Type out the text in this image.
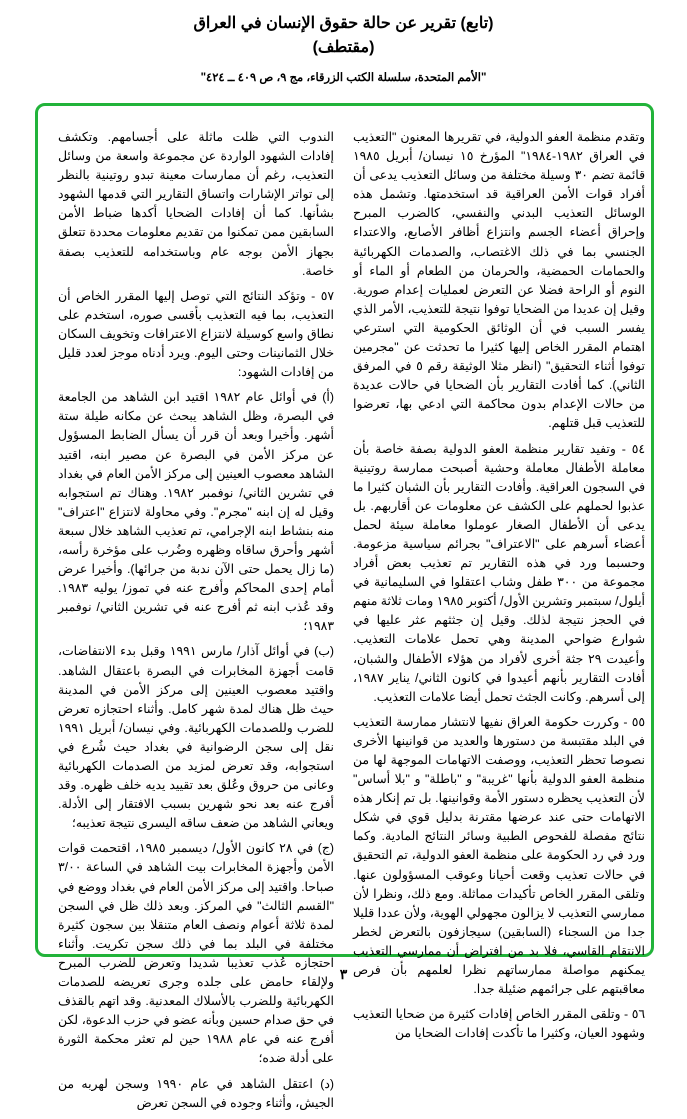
(تابع) تقرير عن حالة حقوق الإنسان في العراق
(مقتطف)
"الأمم المتحدة، سلسلة الكتب الزرقاء، مج ٩، ص ٤٠٩ ــ ٤٢٤"

وتقدم منظمة العفو الدولية، في تقريرها المعنون "التعذيب في العراق ١٩٨٢-١٩٨٤" المؤرخ ١٥ نيسان/ أبريل ١٩٨٥ قائمة تضم ٣٠ وسيلة مختلفة من وسائل التعذيب يدعى أن أفراد قوات الأمن العراقية قد استخدمتها. وتشمل هذه الوسائل التعذيب البدني والنفسي، كالضرب المبرح وإحراق أعضاء الجسم وانتزاع أظافر الأصابع، والاعتداء الجنسي بما في ذلك الاغتصاب، والصدمات الكهربائية والحمامات الحمضية، والحرمان من الطعام أو الماء أو النوم أو الراحة فضلا عن التعرض لعمليات إعدام صورية. وقيل إن عديدا من الضحايا توفوا نتيجة للتعذيب، الأمر الذي يفسر السبب في أن الوثائق الحكومية التي استرعي اهتمام المقرر الخاص إليها كثيرا ما تحدثت عن "مجرمين توفوا أثناء التحقيق" (انظر مثلا الوثيقة رقم ٥ في المرفق الثاني). كما أفادت التقارير بأن الضحايا في حالات عديدة من حالات الإعدام بدون محاكمة التي ادعي بها، تعرضوا للتعذيب قبل قتلهم.

٥٤ - وتفيد تقارير منظمة العفو الدولية بصفة خاصة بأن معاملة الأطفال معاملة وحشية أصبحت ممارسة روتينية في السجون العراقية. وأفادت التقارير بأن الشبان كثيرا ما عذبوا لحملهم على الكشف عن معلومات عن أقاربهم. بل يدعى أن الأطفال الصغار عوملوا معاملة سيئة لحمل أعضاء أسرهم على "الاعتراف" بجرائم سياسية مزعومة. وحسبما ورد في هذه التقارير تم تعذيب بعض أفراد مجموعة من ٣٠٠ طفل وشاب اعتقلوا في السليمانية في أيلول/ سبتمبر وتشرين الأول/ أكتوبر ١٩٨٥ ومات ثلاثة منهم في الحجز نتيجة لذلك. وقيل إن جثثهم عثر عليها في شوارع ضواحي المدينة وهي تحمل علامات التعذيب. وأعيدت ٢٩ جثة أخرى لأفراد من هؤلاء الأطفال والشبان، أفادت التقارير بأنهم أعيدوا في كانون الثاني/ يناير ١٩٨٧، إلى أسرهم. وكانت الجثث تحمل أيضا علامات التعذيب.

٥٥ - وكررت حكومة العراق نفيها لانتشار ممارسة التعذيب في البلد مقتبسة من دستورها والعديد من قوانينها الأخرى نصوصا تحظر التعذيب، ووصفت الاتهامات الموجهة لها من منظمة العفو الدولية بأنها "غريبة" و "باطلة" و "بلا أساس" لأن التعذيب يحظره دستور الأمة وقوانينها. بل تم إنكار هذه الاتهامات حتى عند عرضها مقترنة بدليل قوي في شكل نتائج مفصلة للفحوص الطبية وسائر النتائج المادية. وكما ورد في رد الحكومة على منظمة العفو الدولية، تم التحقيق في حالات تعذيب وقعت أحيانا وعوقب المسؤولون عنها. وتلقى المقرر الخاص تأكيدات مماثلة. ومع ذلك، ونظرا لأن ممارسي التعذيب لا يزالون مجهولي الهوية، ولأن عددا قليلا جدا من السجناء (السابقين) سيجازفون بالتعرض لخطر الانتقام القاسي، فلا بد من افتراض أن ممارسي التعذيب يمكنهم مواصلة ممارساتهم نظرا لعلمهم بأن فرص معاقبتهم على جرائمهم ضئيلة جدا.

٥٦ - وتلقى المقرر الخاص إفادات كثيرة من ضحايا التعذيب وشهود العيان، وكثيرا ما تأكدت إفادات الضحايا من

الندوب التي ظلت ماثلة على أجسامهم. وتكشف إفادات الشهود الواردة عن مجموعة واسعة من وسائل التعذيب، رغم أن ممارسات معينة تبدو روتينية بالنظر إلى تواتر الإشارات واتساق التقارير التي قدمها الشهود بشأنها. كما أن إفادات الضحايا أكدها ضباط الأمن السابقين ممن تمكنوا من تقديم معلومات محددة تتعلق بجهاز الأمن بوجه عام وباستخدامه للتعذيب بصفة خاصة.

٥٧ - وتؤكد النتائج التي توصل إليها المقرر الخاص أن التعذيب، بما فيه التعذيب بأقسى صوره، استخدم على نطاق واسع كوسيلة لانتزاع الاعترافات وتخويف السكان خلال الثمانينات وحتى اليوم. ويرد أدناه موجز لعدد قليل من إفادات الشهود:

(أ) في أوائل عام ١٩٨٢ اقتيد ابن الشاهد من الجامعة في البصرة، وظل الشاهد يبحث عن مكانه طيلة ستة أشهر. وأخيرا وبعد أن قرر أن يسأل الضابط المسؤول عن مركز الأمن في البصرة عن مصير ابنه، اقتيد الشاهد معصوب العينين إلى مركز الأمن العام في بغداد في تشرين الثاني/ نوفمبر ١٩٨٢. وهناك تم استجوابه وقيل له إن ابنه "مجرم". وفي محاولة لانتزاع "اعتراف" منه بنشاط ابنه الإجرامي، تم تعذيب الشاهد خلال سبعة أشهر وأحرق ساقاه وظهره وضُرب على مؤخرة رأسه، (ما زال يحمل حتى الآن ندبة من جرائها). وأخيرا عرض أمام إحدى المحاكم وأفرج عنه في تموز/ يوليه ١٩٨٣. وقد عُذب ابنه ثم أفرج عنه في تشرين الثاني/ نوفمبر ١٩٨٣؛

(ب) في أوائل آذار/ مارس ١٩٩١ وقبل بدء الانتفاضات، قامت أجهزة المخابرات في البصرة باعتقال الشاهد. واقتيد معصوب العينين إلى مركز الأمن في المدينة حيث ظل هناك لمدة شهر كامل. وأثناء احتجازه تعرض للضرب وللصدمات الكهربائية. وفي نيسان/ أبريل ١٩٩١ نقل إلى سجن الرضوانية في بغداد حيث شُرع في استجوابه، وقد تعرض لمزيد من الصدمات الكهربائية وعانى من حروق وعُلق بعد تقييد يديه خلف ظهره. وقد أفرج عنه بعد نحو شهرين بسبب الافتقار إلى الأدلة. ويعاني الشاهد من ضعف ساقه اليسرى نتيجة تعذيبه؛

(ج) في ٢٨ كانون الأول/ ديسمبر ١٩٨٥، اقتحمت قوات الأمن وأجهزة المخابرات بيت الشاهد في الساعة ٣/٠٠ صباحا. واقتيد إلى مركز الأمن العام في بغداد ووضع في "القسم الثالث" في المركز. وبعد ذلك ظل في السجن لمدة ثلاثة أعوام ونصف العام متنقلا بين سجون كثيرة مختلفة في البلد بما في ذلك سجن تكريت. وأثناء احتجازه عُذب تعذيبا شديدا وتعرض للضرب المبرح ولإلقاء حامض على جلده وجرى تعريضه للصدمات الكهربائية وللضرب بالأسلاك المعدنية. وقد اتهم بالقذف في حق صدام حسين وبأنه عضو في حزب الدعوة، لكن أفرج عنه في عام ١٩٨٨ حين لم تعثر محكمة الثورة على أدلة ضده؛

(د) اعتقل الشاهد في عام ١٩٩٠ وسجن لهربه من الجيش، وأثناء وجوده في السجن تعرض

٣
